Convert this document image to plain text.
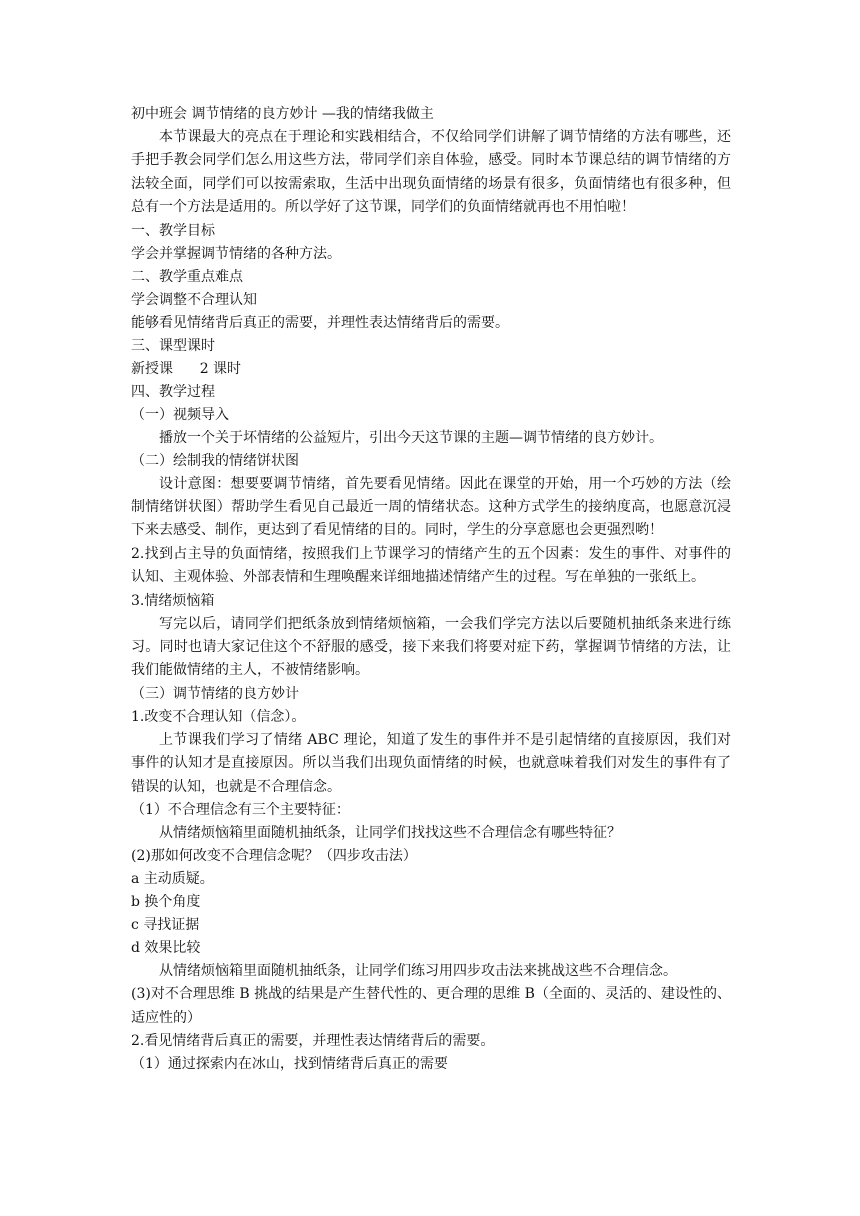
初中班会 调节情绪的良方妙计 —我的情绪我做主

本节课最大的亮点在于理论和实践相结合，不仅给同学们讲解了调节情绪的方法有哪些，还手把手教会同学们怎么用这些方法，带同学们亲自体验，感受。同时本节课总结的调节情绪的方法较全面，同学们可以按需索取，生活中出现负面情绪的场景有很多，负面情绪也有很多种，但总有一个方法是适用的。所以学好了这节课，同学们的负面情绪就再也不用怕啦！

一、教学目标

学会并掌握调节情绪的各种方法。

二、教学重点难点

学会调整不合理认知

能够看见情绪背后真正的需要，并理性表达情绪背后的需要。

三、课型课时

新授课      2 课时

四、教学过程

（一）视频导入

播放一个关于坏情绪的公益短片，引出今天这节课的主题—调节情绪的良方妙计。

（二）绘制我的情绪饼状图

设计意图：想要要调节情绪，首先要看见情绪。因此在课堂的开始，用一个巧妙的方法（绘制情绪饼状图）帮助学生看见自己最近一周的情绪状态。这种方式学生的接纳度高，也愿意沉浸下来去感受、制作，更达到了看见情绪的目的。同时，学生的分享意愿也会更强烈哟！

2.找到占主导的负面情绪，按照我们上节课学习的情绪产生的五个因素：发生的事件、对事件的认知、主观体验、外部表情和生理唤醒来详细地描述情绪产生的过程。写在单独的一张纸上。

3.情绪烦恼箱

写完以后，请同学们把纸条放到情绪烦恼箱，一会我们学完方法以后要随机抽纸条来进行练习。同时也请大家记住这个不舒服的感受，接下来我们将要对症下药，掌握调节情绪的方法，让我们能做情绪的主人，不被情绪影响。

（三）调节情绪的良方妙计

1.改变不合理认知（信念）。

上节课我们学习了情绪 ABC 理论，知道了发生的事件并不是引起情绪的直接原因，我们对事件的认知才是直接原因。所以当我们出现负面情绪的时候，也就意味着我们对发生的事件有了错误的认知，也就是不合理信念。

（1）不合理信念有三个主要特征：

从情绪烦恼箱里面随机抽纸条，让同学们找找这些不合理信念有哪些特征？

(2)那如何改变不合理信念呢？（四步攻击法）

a 主动质疑。

b 换个角度

c 寻找证据

d 效果比较

从情绪烦恼箱里面随机抽纸条，让同学们练习用四步攻击法来挑战这些不合理信念。

(3)对不合理思维 B 挑战的结果是产生替代性的、更合理的思维 B（全面的、灵活的、建设性的、适应性的）

2.看见情绪背后真正的需要，并理性表达情绪背后的需要。

（1）通过探索内在冰山，找到情绪背后真正的需要
